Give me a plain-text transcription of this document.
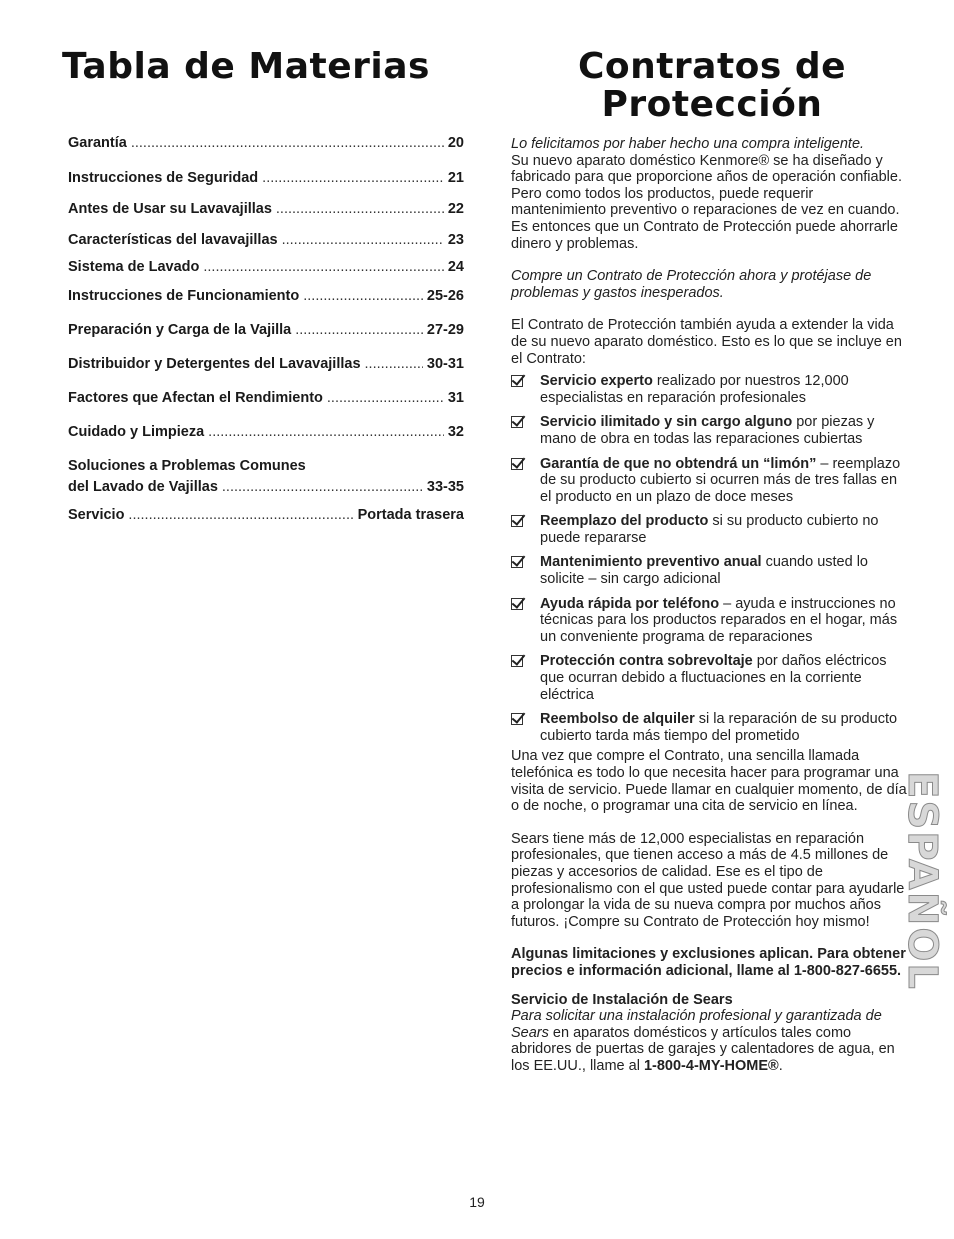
Tabla de Materias	Contratos de
Protección
Garantía .....	20
Instrucciones de Seguridad .....	21
Antes de Usar su Lavavajillas .....	22
Características del lavavajillas .....	23
Sistema de Lavado .....	24
Instrucciones de Funcionamiento .....	25-26
Preparación y Carga de la Vajilla .....	27-29
Distribuidor y Detergentes del Lavavajillas .....	30-31
Factores que Afectan el Rendimiento .....	31
Cuidado y Limpieza .....	32
Soluciones a Problemas Comunes
del Lavado de Vajillas .....	33-35
Servicio .....	Portada trasera

Lo felicitamos por haber hecho una compra inteligente.

Su nuevo aparato doméstico Kenmore® se ha diseñado y fabricado para que proporcione años de operación confiable. Pero como todos los productos, puede requerir mantenimiento preventivo o reparaciones de vez en cuando. Es entonces que un Contrato de Protección puede ahorrarle dinero y problemas.

Compre un Contrato de Protección ahora y protéjase de problemas y gastos inesperados.

El Contrato de Protección también ayuda a extender la vida de su nuevo aparato doméstico. Esto es lo que se incluye en el Contrato:

Servicio experto realizado por nuestros 12,000 especialistas en reparación profesionales
Servicio ilimitado y sin cargo alguno por piezas y mano de obra en todas las reparaciones cubiertas
Garantía de que no obtendrá un “limón” – reemplazo de su producto cubierto si ocurren más de tres fallas en el producto en un plazo de doce meses
Reemplazo del producto si su producto cubierto no puede repararse
Mantenimiento preventivo anual cuando usted lo solicite – sin cargo adicional
Ayuda rápida por teléfono – ayuda e instrucciones no técnicas para los productos reparados en el hogar, más un conveniente programa de reparaciones
Protección contra sobrevoltaje por daños eléctricos que ocurran debido a fluctuaciones en la corriente eléctrica
Reembolso de alquiler si la reparación de su producto cubierto tarda más tiempo del prometido

Una vez que compre el Contrato, una sencilla llamada telefónica es todo lo que necesita hacer para programar una visita de servicio. Puede llamar en cualquier momento, de día o de noche, o programar una cita de servicio en línea.

Sears tiene más de 12,000 especialistas en reparación profesionales, que tienen acceso a más de 4.5 millones de piezas y accesorios de calidad. Ese es el tipo de profesionalismo con el que usted puede contar para ayudarle a prolongar la vida de su nueva compra por muchos años futuros. ¡Compre su Contrato de Protección hoy mismo!

Algunas limitaciones y exclusiones aplican. Para obtener precios e información adicional, llame al 1-800-827-6655.

Servicio de Instalación de Sears

Para solicitar una instalación profesional y garantizada de Sears en aparatos domésticos y artículos tales como abridores de puertas de garajes y calentadores de agua, en los EE.UU., llame al 1-800-4-MY-HOME®.

ESPAÑOL
19
